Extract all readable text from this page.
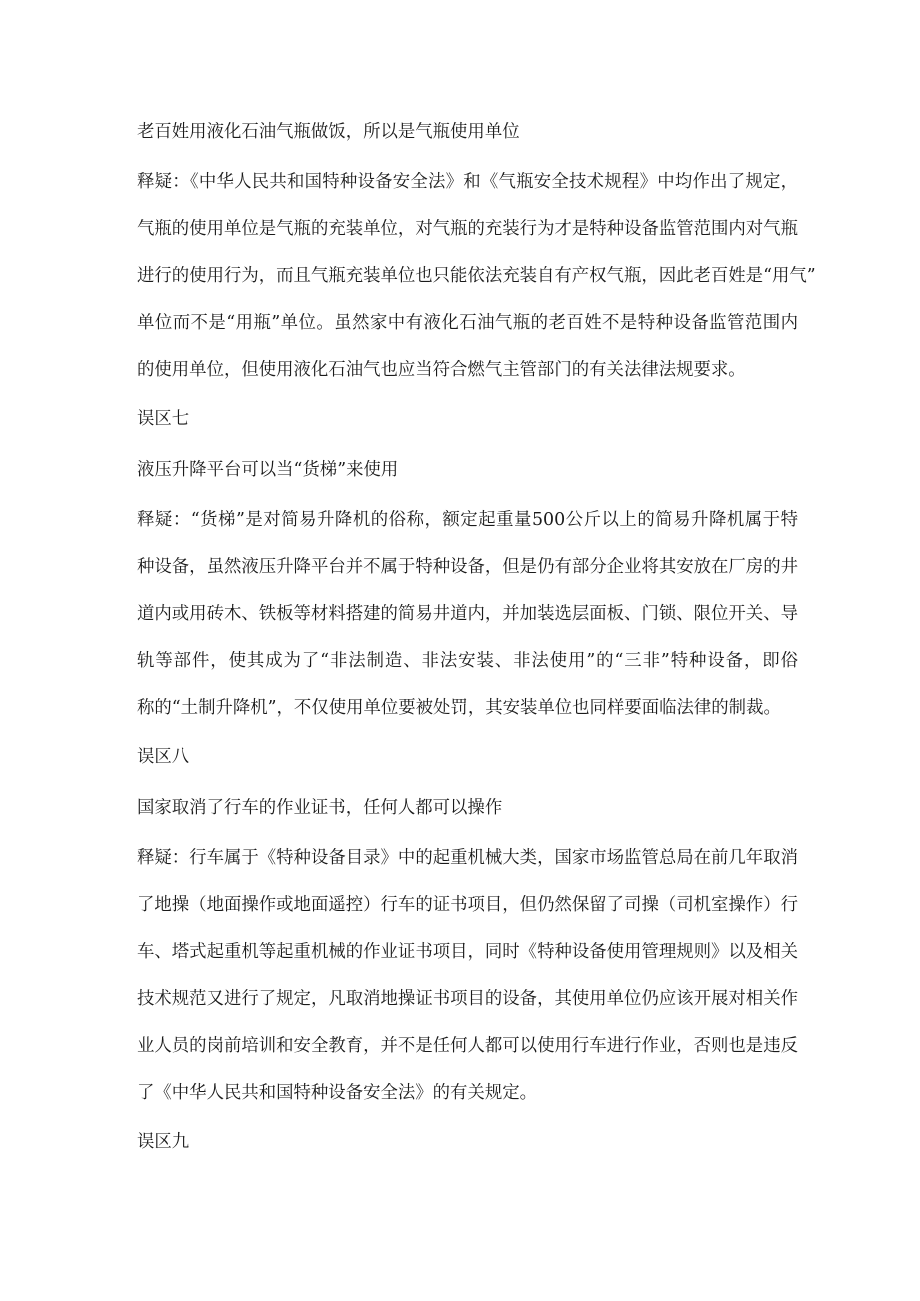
老百姓用液化石油气瓶做饭，所以是气瓶使用单位

释疑：《中华人民共和国特种设备安全法》和《气瓶安全技术规程》中均作出了规定，

气瓶的使用单位是气瓶的充装单位，对气瓶的充装行为才是特种设备监管范围内对气瓶

进行的使用行为，而且气瓶充装单位也只能依法充装自有产权气瓶，因此老百姓是“用气”

单位而不是“用瓶”单位。虽然家中有液化石油气瓶的老百姓不是特种设备监管范围内

的使用单位，但使用液化石油气也应当符合燃气主管部门的有关法律法规要求。

误区七

液压升降平台可以当“货梯”来使用

释疑：“货梯”是对简易升降机的俗称，额定起重量500公斤以上的简易升降机属于特

种设备，虽然液压升降平台并不属于特种设备，但是仍有部分企业将其安放在厂房的井

道内或用砖木、铁板等材料搭建的简易井道内，并加装选层面板、门锁、限位开关、导

轨等部件，使其成为了“非法制造、非法安装、非法使用”的“三非”特种设备，即俗

称的“土制升降机”，不仅使用单位要被处罚，其安装单位也同样要面临法律的制裁。

误区八

国家取消了行车的作业证书，任何人都可以操作

释疑：行车属于《特种设备目录》中的起重机械大类，国家市场监管总局在前几年取消

了地操（地面操作或地面遥控）行车的证书项目，但仍然保留了司操（司机室操作）行

车、塔式起重机等起重机械的作业证书项目，同时《特种设备使用管理规则》以及相关

技术规范又进行了规定，凡取消地操证书项目的设备，其使用单位仍应该开展对相关作

业人员的岗前培训和安全教育，并不是任何人都可以使用行车进行作业，否则也是违反

了《中华人民共和国特种设备安全法》的有关规定。

误区九
